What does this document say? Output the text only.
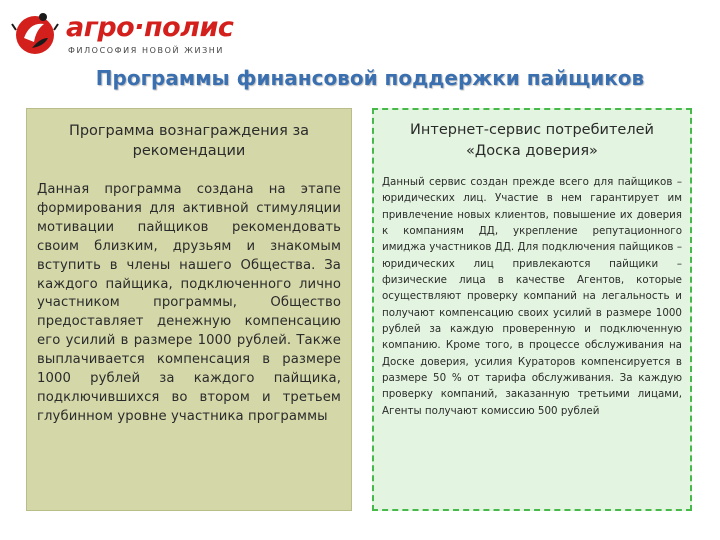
агро·полис
ФИЛОСОФИЯ НОВОЙ ЖИЗНИ
Программы финансовой поддержки пайщиков
Программа вознаграждения за рекомендации

Данная программа создана на этапе формирования для активной стимуляции мотивации пайщиков рекомендовать своим близким, друзьям и знакомым вступить в члены нашего Общества. За каждого пайщика, подключенного лично участником программы, Общество предоставляет денежную компенсацию его усилий в размере 1000 рублей. Также выплачивается компенсация в размере 1000 рублей за каждого пайщика, подключившихся во втором и третьем глубинном уровне участника программы

Интернет-сервис потребителей «Доска доверия»

Данный сервис создан прежде всего для пайщиков – юридических лиц. Участие в нем гарантирует им привлечение новых клиентов, повышение их доверия к компаниям ДД, укрепление репутационного имиджа участников ДД. Для подключения пайщиков – юридических лиц привлекаются пайщики – физические лица в качестве Агентов, которые осуществляют проверку компаний на легальность и получают компенсацию своих усилий в размере 1000 рублей за каждую проверенную и подключенную компанию. Кроме того, в процессе обслуживания на Доске доверия, усилия Кураторов компенсируется в размере 50 % от тарифа обслуживания. За каждую проверку компаний, заказанную третьими лицами, Агенты получают комиссию 500 рублей
